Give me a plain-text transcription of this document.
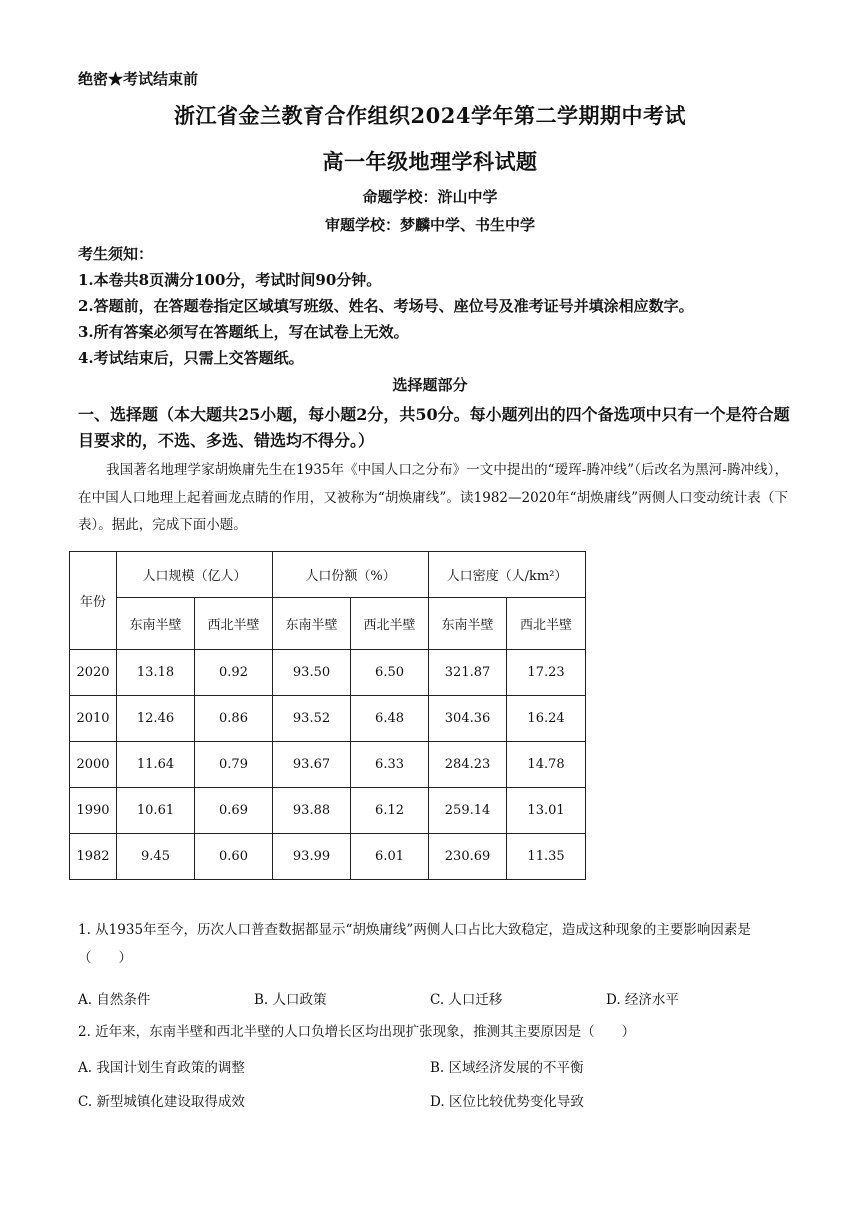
绝密★考试结束前
浙江省金兰教育合作组织2024学年第二学期期中考试
高一年级地理学科试题
命题学校：浒山中学
审题学校：梦麟中学、书生中学
考生须知：
1.本卷共8页满分100分，考试时间90分钟。
2.答题前，在答题卷指定区域填写班级、姓名、考场号、座位号及准考证号并填涂相应数字。
3.所有答案必须写在答题纸上，写在试卷上无效。
4.考试结束后，只需上交答题纸。
选择题部分
一、选择题（本大题共25小题，每小题2分，共50分。每小题列出的四个备选项中只有一个是符合题目要求的，不选、多选、错选均不得分。）
我国著名地理学家胡焕庸先生在1935年《中国人口之分布》一文中提出的“瑷珲-腾冲线”（后改名为黑河-腾冲线），在中国人口地理上起着画龙点睛的作用，又被称为“胡焕庸线”。读1982—2020年“胡焕庸线”两侧人口变动统计表（下表）。据此，完成下面小题。
年份	人口规模（亿人）		人口份额（%）		人口密度（人/km²）	
	东南半壁	西北半壁	东南半壁	西北半壁	东南半壁	西北半壁
2020	13.18	0.92	93.50	6.50	321.87	17.23
2010	12.46	0.86	93.52	6.48	304.36	16.24
2000	11.64	0.79	93.67	6.33	284.23	14.78
1990	10.61	0.69	93.88	6.12	259.14	13.01
1982	9.45	0.60	93.99	6.01	230.69	11.35
1. 从1935年至今，历次人口普查数据都显示“胡焕庸线”两侧人口占比大致稳定，造成这种现象的主要影响因素是（　　）
A. 自然条件	B. 人口政策	C. 人口迁移	D. 经济水平
2. 近年来，东南半壁和西北半壁的人口负增长区均出现扩张现象，推测其主要原因是（　　）
A. 我国计划生育政策的调整	B. 区域经济发展的不平衡
C. 新型城镇化建设取得成效	D. 区位比较优势变化导致
